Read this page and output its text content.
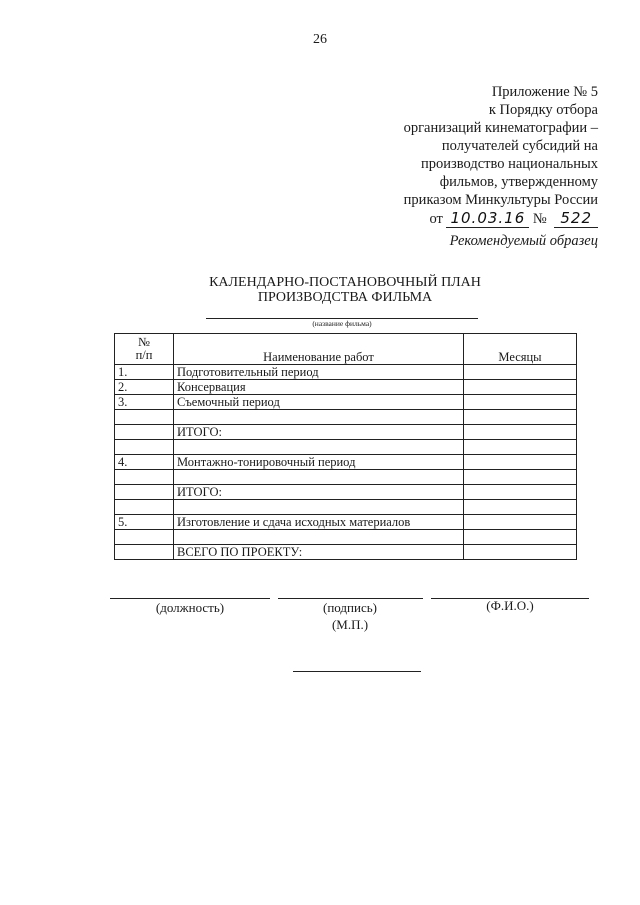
26
Приложение № 5
к Порядку отбора
организаций кинематографии –
получателей субсидий на
производство национальных
фильмов, утвержденному
приказом Минкультуры России
от 10.03.16 № 522
Рекомендуемый образец
КАЛЕНДАРНО-ПОСТАНОВОЧНЫЙ ПЛАН
ПРОИЗВОДСТВА ФИЛЬМА
(название фильма)
№
п/п	Наименование работ	Месяцы
1.	Подготовительный период	
2.	Консервация	
3.	Съемочный период	

	ИТОГО:	

4.	Монтажно-тонировочный период	

	ИТОГО:	

5.	Изготовление и сдача исходных материалов	

	ВСЕГО ПО ПРОЕКТУ:	
(должность)	(подпись)	(Ф.И.О.)
(М.П.)
